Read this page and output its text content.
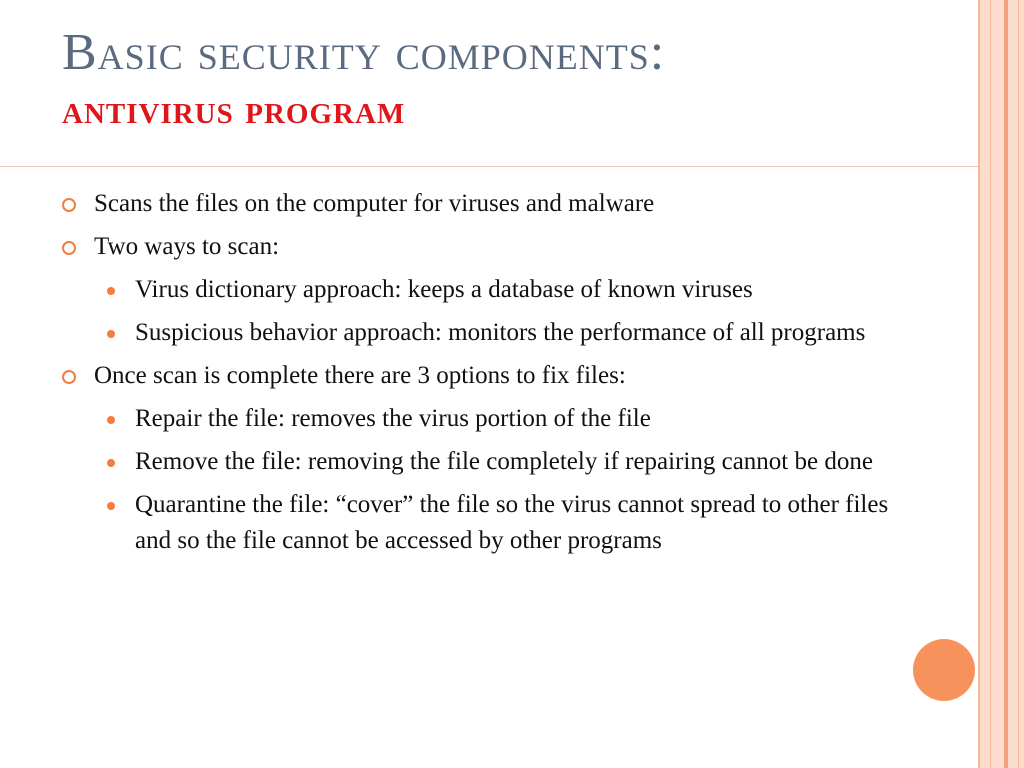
Basic security components:
antivirus program
Scans the files on the computer for viruses and malware
Two ways to scan:
Virus dictionary approach: keeps a database of known viruses
Suspicious behavior approach: monitors the performance of all programs
Once scan is complete there are 3 options to fix files:
Repair the file: removes the virus portion of the file
Remove the file: removing the file completely if repairing cannot be done
Quarantine the file: “cover” the file so the virus cannot spread to other files and so the file cannot be accessed by other programs
